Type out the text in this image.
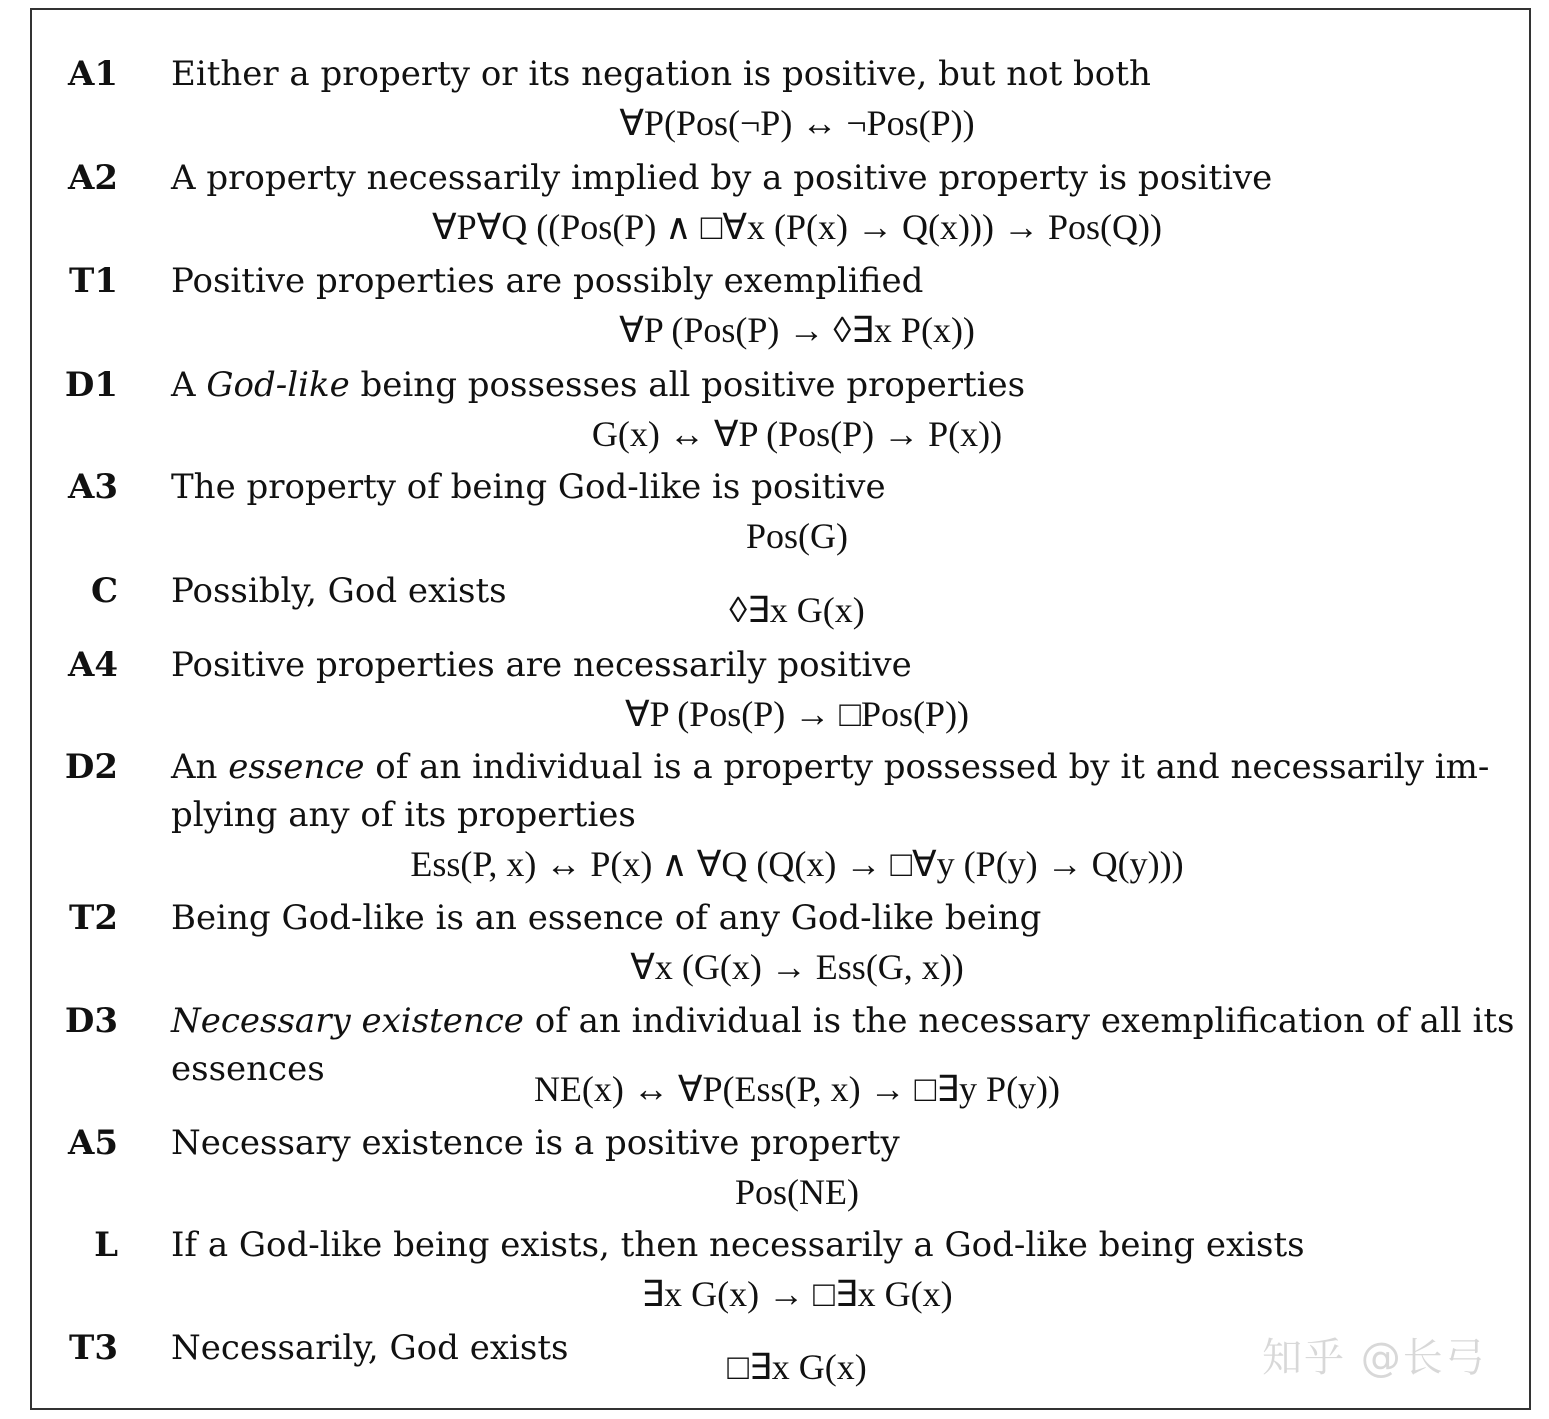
A1 Either a property or its negation is positive, but not both
∀P(Pos(¬P) ↔ ¬Pos(P))
A2 A property necessarily implied by a positive property is positive
∀P∀Q ((Pos(P) ∧ □∀x (P(x) → Q(x))) → Pos(Q))
T1 Positive properties are possibly exemplified
∀P (Pos(P) → ◊∃x P(x))
D1 A God-like being possesses all positive properties
G(x) ↔ ∀P (Pos(P) → P(x))
A3 The property of being God-like is positive
Pos(G)
C Possibly, God exists	◊∃x G(x)
A4 Positive properties are necessarily positive
∀P (Pos(P) → □Pos(P))
D2 An essence of an individual is a property possessed by it and necessarily im-
plying any of its properties
Ess(P, x) ↔ P(x) ∧ ∀Q (Q(x) → □∀y (P(y) → Q(y)))
T2 Being God-like is an essence of any God-like being
∀x (G(x) → Ess(G, x))
D3 Necessary existence of an individual is the necessary exemplification of all its
essences	NE(x) ↔ ∀P(Ess(P, x) → □∃y P(y))
A5 Necessary existence is a positive property
Pos(NE)
L If a God-like being exists, then necessarily a God-like being exists
∃x G(x) → □∃x G(x)
T3 Necessarily, God exists	□∃x G(x)	知乎 @长弓
